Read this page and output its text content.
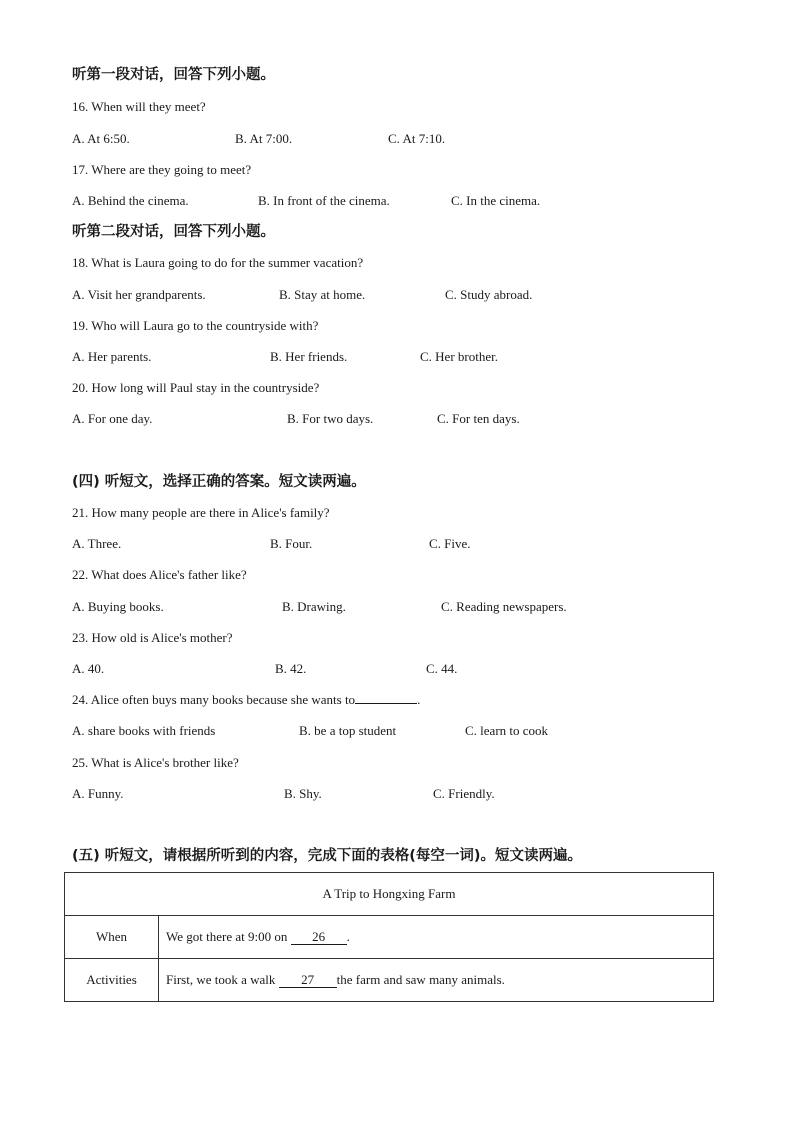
听第一段对话，回答下列小题。
16. When will they meet?
A. At 6:50.	B. At 7:00.	C. At 7:10.
17. Where are they going to meet?
A. Behind the cinema.	B. In front of the cinema.	C. In the cinema.
听第二段对话，回答下列小题。
18. What is Laura going to do for the summer vacation?
A. Visit her grandparents.	B. Stay at home.	C. Study abroad.
19. Who will Laura go to the countryside with?
A. Her parents.	B. Her friends.	C. Her brother.
20. How long will Paul stay in the countryside?
A. For one day.	B. For two days.	C. For ten days.
(四) 听短文，选择正确的答案。短文读两遍。
21. How many people are there in Alice's family?
A. Three.	B. Four.	C. Five.
22. What does Alice's father like?
A. Buying books.	B. Drawing.	C. Reading newspapers.
23. How old is Alice's mother?
A. 40.	B. 42.	C. 44.
24. Alice often buys many books because she wants to	.
A. share books with friends	B. be a top student	C. learn to cook
25. What is Alice's brother like?
A. Funny.	B. Shy.	C. Friendly.
(五) 听短文，请根据所听到的内容，完成下面的表格(每空一词)。短文读两遍。
A Trip to Hongxing Farm	
When	We got there at 9:00 on 26 .
Activities	First, we took a walk 27 the farm and saw many animals.
